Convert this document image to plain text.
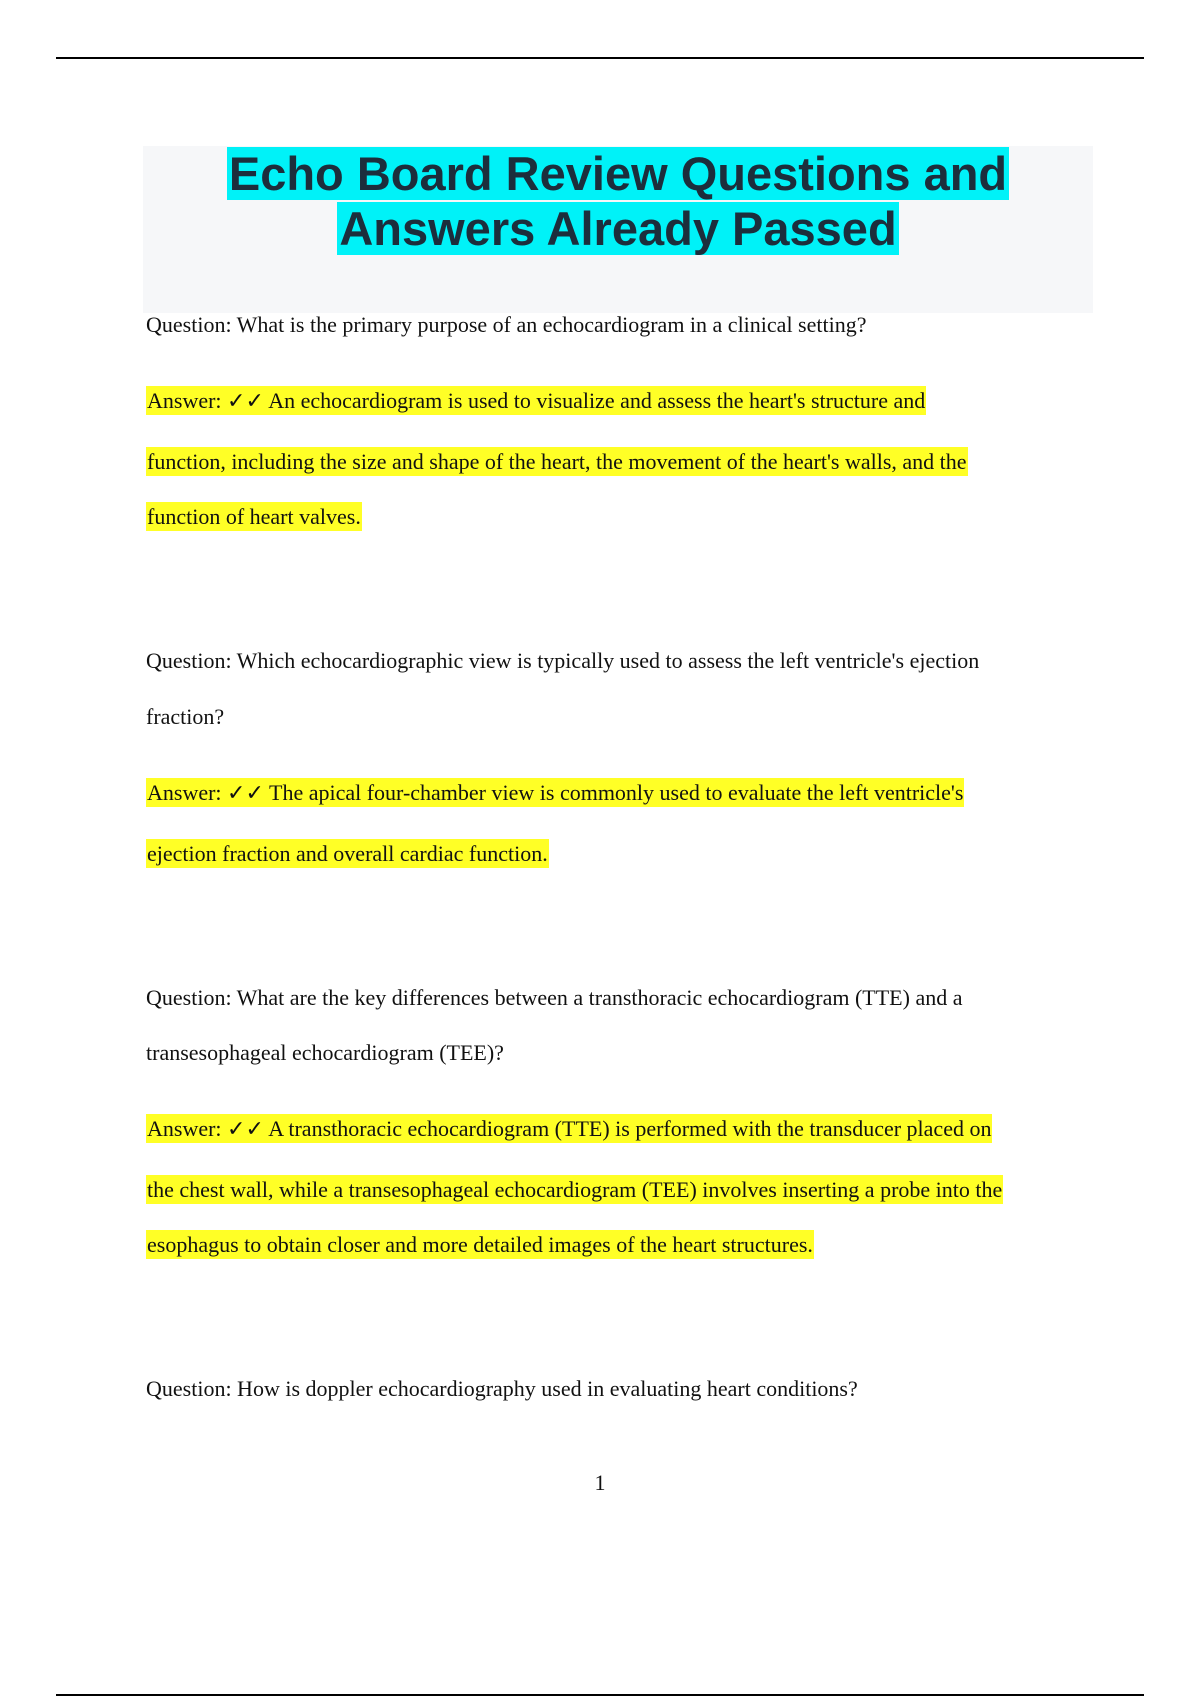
Echo Board Review Questions and
Answers Already Passed
Question: What is the primary purpose of an echocardiogram in a clinical setting?
Answer: ✓✓ An echocardiogram is used to visualize and assess the heart's structure and
function, including the size and shape of the heart, the movement of the heart's walls, and the
function of heart valves.
Question: Which echocardiographic view is typically used to assess the left ventricle's ejection
fraction?
Answer: ✓✓ The apical four-chamber view is commonly used to evaluate the left ventricle's
ejection fraction and overall cardiac function.
Question: What are the key differences between a transthoracic echocardiogram (TTE) and a
transesophageal echocardiogram (TEE)?
Answer: ✓✓ A transthoracic echocardiogram (TTE) is performed with the transducer placed on
the chest wall, while a transesophageal echocardiogram (TEE) involves inserting a probe into the
esophagus to obtain closer and more detailed images of the heart structures.
Question: How is doppler echocardiography used in evaluating heart conditions?
1
